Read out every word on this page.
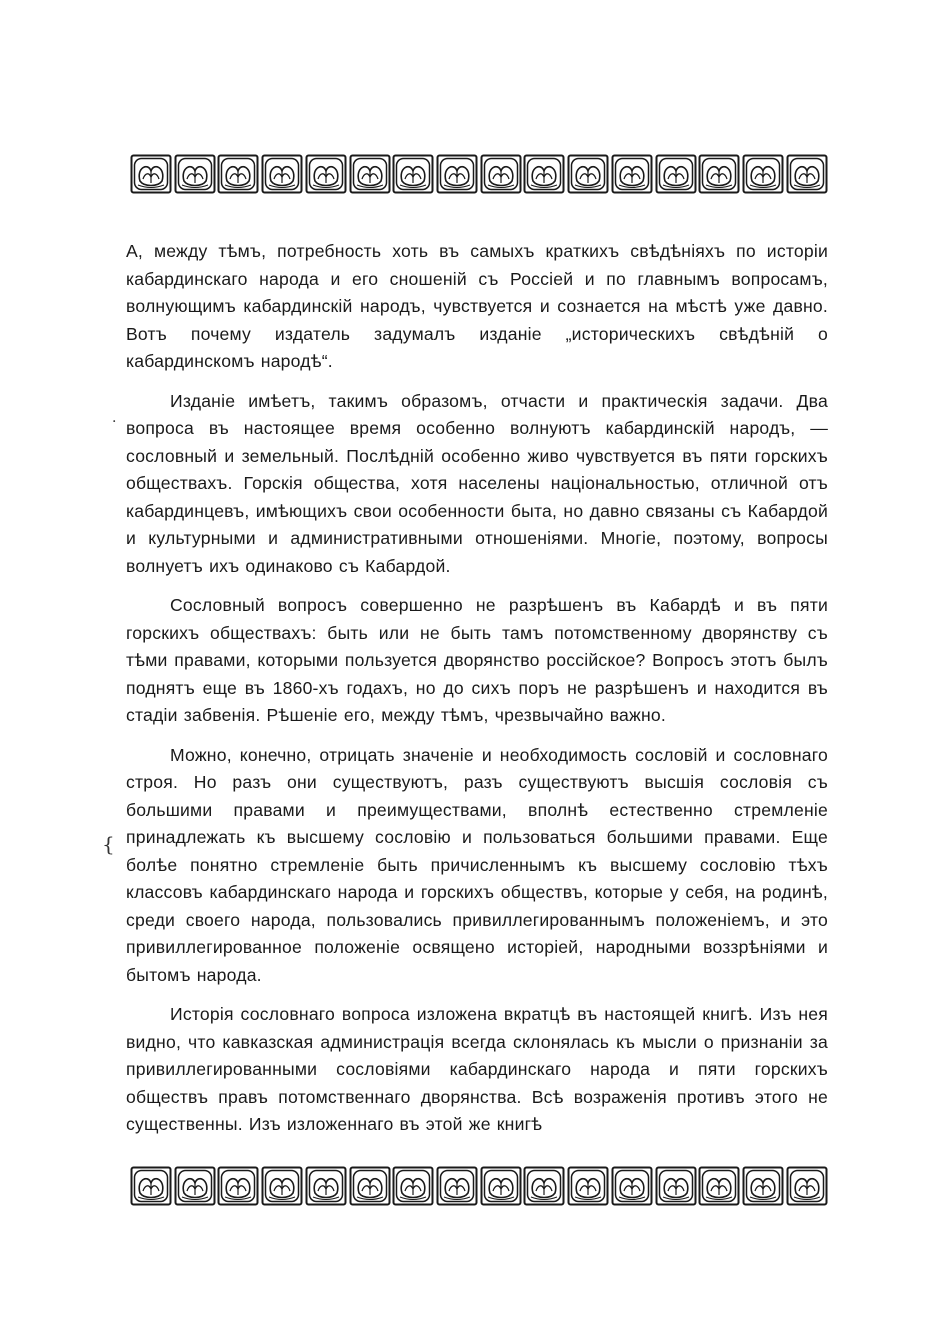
·
{

А, между тѣмъ, потребность хоть въ самыхъ краткихъ свѣдѣніяхъ по исторіи кабардинскаго народа и его сношеній съ Россіей и по главнымъ вопросамъ, волнующимъ кабардинскій народъ, чувствуется и сознается на мѣстѣ уже давно. Вотъ почему издатель задумалъ изданіе „историческихъ свѣдѣній о кабардинскомъ народѣ“.

Изданіе имѣетъ, такимъ образомъ, отчасти и практическія задачи. Два вопроса въ настоящее время особенно волнуютъ кабардинскій народъ, — сословный и земельный. Послѣдній особенно живо чувствуется въ пяти горскихъ обществахъ. Горскія общества, хотя населены національностью, отличной отъ кабардинцевъ, имѣющихъ свои особенности быта, но давно связаны съ Кабардой и культурными и административными отношеніями. Многіе, поэтому, вопросы волнуетъ ихъ одинаково съ Кабардой.

Сословный вопросъ совершенно не разрѣшенъ въ Кабардѣ и въ пяти горскихъ обществахъ: быть или не быть тамъ потомственному дворянству съ тѣми правами, которыми пользуется дворянство россійское? Вопросъ этотъ былъ поднятъ еще въ 1860-хъ годахъ, но до сихъ поръ не разрѣшенъ и находится въ стадіи забвенія. Рѣшеніе его, между тѣмъ, чрезвычайно важно.

Можно, конечно, отрицать значеніе и необходимость сословій и сословнаго строя. Но разъ они существуютъ, разъ существуютъ высшія сословія съ большими правами и преимуществами, вполнѣ естественно стремленіе принадлежать къ высшему сословію и пользоваться большими правами. Еще болѣе понятно стремленіе быть причисленнымъ къ высшему сословію тѣхъ классовъ кабардинскаго народа и горскихъ обществъ, которые у себя, на родинѣ, среди своего народа, пользовались привиллегированнымъ положеніемъ, и это привиллегированное положеніе освящено исторіей, народными воззрѣніями и бытомъ народа.

Исторія сословнаго вопроса изложена вкратцѣ въ настоящей книгѣ. Изъ нея видно, что кавказская администрація всегда склонялась къ мысли о признаніи за привиллегированными сословіями кабардинскаго народа и пяти горскихъ обществъ правъ потомственнаго дворянства. Всѣ возраженія противъ этого не существенны. Изъ изложеннаго въ этой же книгѣ
